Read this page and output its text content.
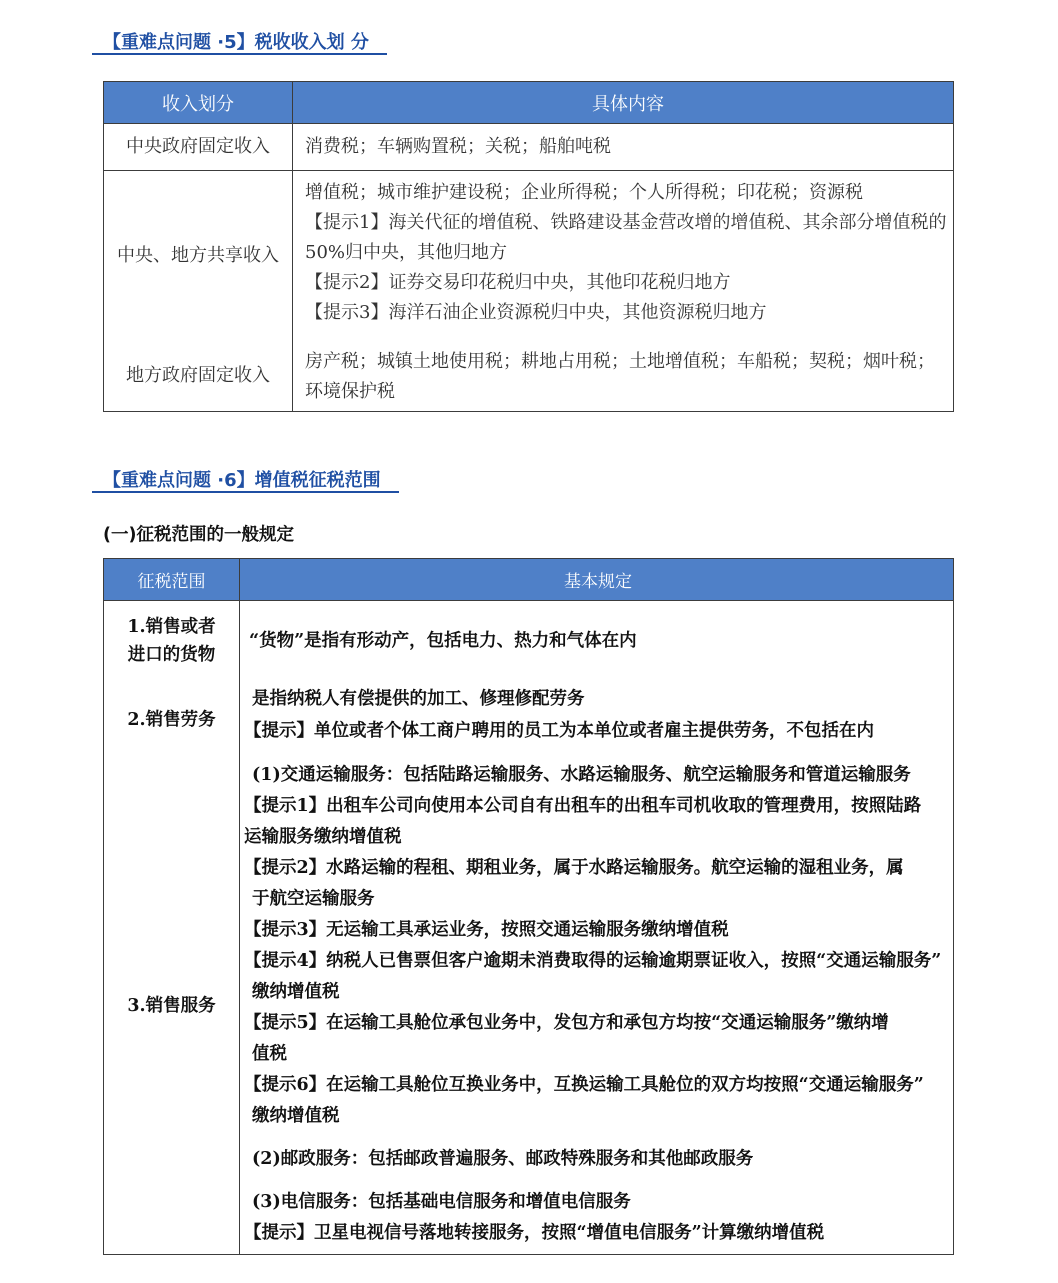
【重难点问题 ·5】税收收入划 分
收入划分	具体内容
中央政府固定收入 消费税；车辆购置税；关税；船舶吨税
中央、地方共享收入
增值税；城市维护建设税；企业所得税；个人所得税；印花税；资源税
【提示1】海关代征的增值税、铁路建设基金营改增的增值税、其余部分增值税的
50%归中央，其他归地方
【提示2】证券交易印花税归中央，其他印花税归地方
【提示3】海洋石油企业资源税归中央，其他资源税归地方
地方政府固定收入
房产税；城镇土地使用税；耕地占用税；土地增值税；车船税；契税；烟叶税；
环境保护税
【重难点问题 ·6】增值税征税范围
(一)征税范围的一般规定
征税范围	基本规定
1.销售或者
进口的货物
“货物”是指有形动产，包括电力、热力和气体在内
2.销售劳务
是指纳税人有偿提供的加工、修理修配劳务
【提示】单位或者个体工商户聘用的员工为本单位或者雇主提供劳务，不包括在内
3.销售服务
(1)交通运输服务：包括陆路运输服务、水路运输服务、航空运输服务和管道运输服务
【提示1】出租车公司向使用本公司自有出租车的出租车司机收取的管理费用，按照陆路
运输服务缴纳增值税
【提示2】水路运输的程租、期租业务，属于水路运输服务。航空运输的湿租业务，属
于航空运输服务
【提示3】无运输工具承运业务，按照交通运输服务缴纳增值税
【提示4】纳税人已售票但客户逾期未消费取得的运输逾期票证收入，按照“交通运输服务”
缴纳增值税
【提示5】在运输工具舱位承包业务中，发包方和承包方均按“交通运输服务”缴纳增
值税
【提示6】在运输工具舱位互换业务中，互换运输工具舱位的双方均按照“交通运输服务”
缴纳增值税
(2)邮政服务：包括邮政普遍服务、邮政特殊服务和其他邮政服务
(3)电信服务：包括基础电信服务和增值电信服务
【提示】卫星电视信号落地转接服务，按照“增值电信服务”计算缴纳增值税
